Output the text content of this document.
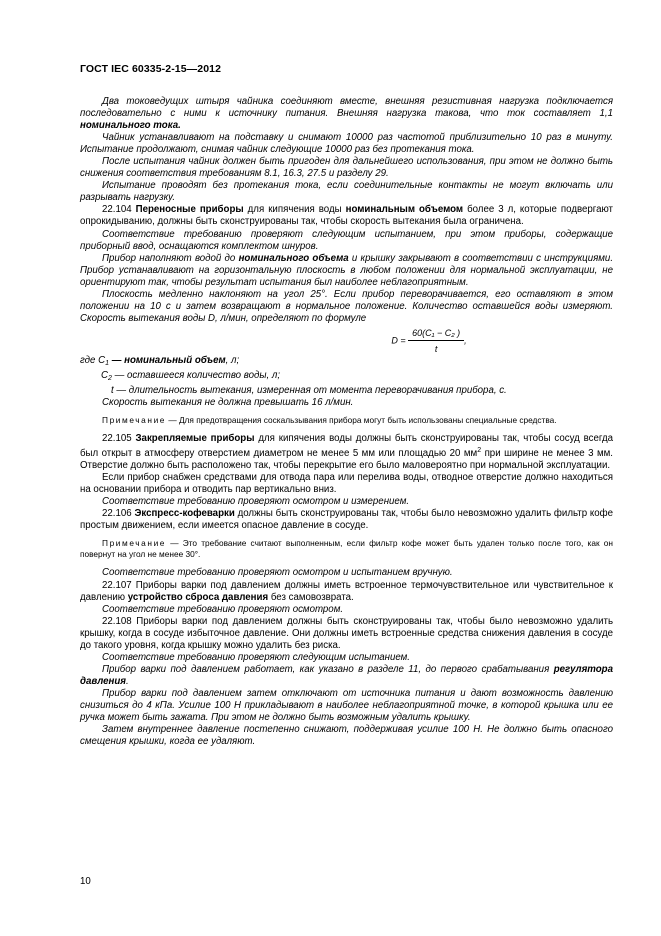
ГОСТ IEC 60335-2-15—2012

Два токоведущих штыря чайника соединяют вместе, внешняя резистивная нагрузка подключается последовательно с ними к источнику питания. Внешняя нагрузка такова, что ток составляет 1,1 номинального тока.

Чайник устанавливают на подставку и снимают 10000 раз частотой приблизительно 10 раз в минуту. Испытание продолжают, снимая чайник следующие 10000 раз без протекания тока.

После испытания чайник должен быть пригоден для дальнейшего использования, при этом не должно быть снижения соответствия требованиям 8.1, 16.3, 27.5 и разделу 29.

Испытание проводят без протекания тока, если соединительные контакты не могут включать или разрывать нагрузку.

22.104 Переносные приборы для кипячения воды номинальным объемом более 3 л, которые подвергают опрокидыванию, должны быть сконструированы так, чтобы скорость вытекания была ограничена.

Соответствие требованию проверяют следующим испытанием, при этом приборы, содержащие приборный ввод, оснащаются комплектом шнуров.

Прибор наполняют водой до номинального объема и крышку закрывают в соответствии с инструкциями. Прибор устанавливают на горизонтальную плоскость в любом положении для нормальной эксплуатации, не ориентируют так, чтобы результат испытания был наиболее неблагоприятным.

Плоскость медленно наклоняют на угол 25°. Если прибор переворачивается, его оставляют в этом положении на 10 с и затем возвращают в нормальное положение. Количество оставшейся воды измеряют. Скорость вытекания воды D, л/мин, определяют по формуле

$D = \frac{\text{60(C₁ − C₂ )}}{t}$ ,

где $C_1$ — номинальный объем, л;

$C_2$ — оставшееся количество воды, л;

t — длительность вытекания, измеренная от момента переворачивания прибора, с.

Скорость вытекания не должна превышать 16 л/мин.

Примечание — Для предотвращения соскальзывания прибора могут быть использованы специальные средства.

22.105 Закрепляемые приборы для кипячения воды должны быть сконструированы так, чтобы сосуд всегда был открыт в атмосферу отверстием диаметром не менее 5 мм или площадью 20 $мм^2$ при ширине не менее 3 мм. Отверстие должно быть расположено так, чтобы перекрытие его было маловероятно при нормальной эксплуатации.

Если прибор снабжен средствами для отвода пара или перелива воды, отводное отверстие должно находиться на основании прибора и отводить пар вертикально вниз.

Соответствие требованию проверяют осмотром и измерением.

22.106 Экспресс-кофеварки должны быть сконструированы так, чтобы было невозможно удалить фильтр кофе простым движением, если имеется опасное давление в сосуде.

Примечание — Это требование считают выполненным, если фильтр кофе может быть удален только после того, как он повернут на угол не менее 30°.

Соответствие требованию проверяют осмотром и испытанием вручную.

22.107 Приборы варки под давлением должны иметь встроенное термочувствительное или чувствительное к давлению устройство сброса давления без самовозврата.

Соответствие требованию проверяют осмотром.

22.108 Приборы варки под давлением должны быть сконструированы так, чтобы было невозможно удалить крышку, когда в сосуде избыточное давление. Они должны иметь встроенные средства снижения давления в сосуде до такого уровня, когда крышку можно удалить без риска.

Соответствие требованию проверяют следующим испытанием.

Прибор варки под давлением работает, как указано в разделе 11, до первого срабатывания регулятора давления.

Прибор варки под давлением затем отключают от источника питания и дают возможность давлению снизиться до 4 кПа. Усилие 100 Н прикладывают в наиболее неблагоприятной точке, в которой крышка или ее ручка может быть зажата. При этом не должно быть возможным удалить крышку.

Затем внутреннее давление постепенно снижают, поддерживая усилие 100 Н. Не должно быть опасного смещения крышки, когда ее удаляют.

10
